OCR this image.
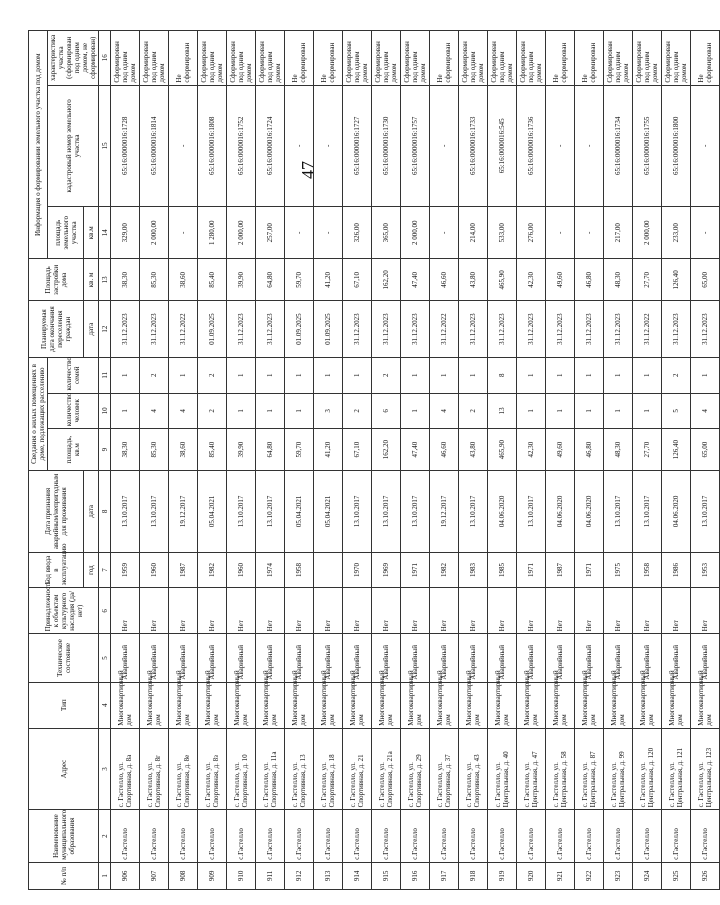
47
№ п/п	Наименование муниципального образования	Адрес	Тип	Техническое состояние	Принадлежность к объектам культурного наследия (да/нет)	Год ввода в эксплуатацию	Дата признания аварийным/непригодным для проживания	Сведания о жилых помещениях в доме, подлежащих расселению			Планируемая дата окончания переселения граждан	Площадь застройки дома	Информация о формировании земельного участка под домом		
								площадь, кв.м	количество человек	количество семей			площадь земельного участка	кадастровый номер земельного участка	характеристика участка (сформирован под одним домом, не сформирован)
						год	дата				дата	кв. м	кв.м		
1	2	3	4	5	6	7	8	9	10	11	12	13	14	15	16
906	с.Гастелло	с. Гастелло, ул. Спортивная, д. 8а	Многоквартирный дом	Аварийный	Нет	1959	13.10.2017	38,30	1	1	31.12.2023	38,30	329,00	65:16:0000016:1728	Сформирован под одним домом
907	с.Гастелло	с. Гастелло, ул. Спортивная, д. 8г	Многоквартирный дом	Аварийный	Нет	1960	13.10.2017	85,30	4	2	31.12.2023	85,30	2 000,00	65:16:0000016:1814	Сформирован под одним домом
908	с.Гастелло	с. Гастелло, ул. Спортивная, д. 8е	Многоквартирный дом	Аварийный	Нет	1987	19.12.2017	38,60	4	1	31.12.2022	38,60	-	-	Не сформирован
909	с.Гастелло	с. Гастелло, ул. Спортивная, д. 8з	Многоквартирный дом	Аварийный	Нет	1982	05.04.2021	85,40	2	2	01.09.2025	85,40	1 280,00	65:16:0000016:1808	Сформирован под одним домом
910	с.Гастелло	с. Гастелло, ул. Спортивная, д. 10	Многоквартирный дом	Аварийный	Нет	1960	13.10.2017	39,90	1	1	31.12.2023	39,90	2 000,00	65:16:0000016:1752	Сформирован под одним домом
911	с.Гастелло	с. Гастелло, ул. Спортивная, д. 11а	Многоквартирный дом	Аварийный	Нет	1974	13.10.2017	64,80	1	1	31.12.2023	64,80	257,00	65:16:0000016:1724	Сформирован под одним домом
912	с.Гастелло	с. Гастелло, ул. Спортивная, д. 13	Многоквартирный дом	Аварийный	Нет	1958	05.04.2021	59,70	1	1	01.09.2025	59,70	-	-	Не сформирован
913	с.Гастелло	с. Гастелло, ул. Спортивная, д. 18	Многоквартирный дом	Аварийный	Нет		05.04.2021	41,20	3	1	01.09.2025	41,20	-	-	Не сформирован
914	с.Гастелло	с. Гастелло, ул. Спортивная, д. 21	Многоквартирный дом	Аварийный	Нет	1970	13.10.2017	67,10	2	1	31.12.2023	67,10	326,00	65:16:0000016:1727	Сформирован под одним домом
915	с.Гастелло	с. Гастелло, ул. Спортивная, д. 21а	Многоквартирный дом	Аварийный	Нет	1969	13.10.2017	162,20	6	2	31.12.2023	162,20	365,00	65:16:0000016:1730	Сформирован под одним домом
916	с.Гастелло	с. Гастелло, ул. Спортивная, д. 29	Многоквартирный дом	Аварийный	Нет	1971	13.10.2017	47,40	1	1	31.12.2023	47,40	2 000,00	65:16:0000016:1757	Сформирован под одним домом
917	с.Гастелло	с. Гастелло, ул. Спортивная, д. 37	Многоквартирный дом	Аварийный	Нет	1982	19.12.2017	46,60	4	1	31.12.2022	46,60	-	-	Не сформирован
918	с.Гастелло	с. Гастелло, ул. Спортивная, д. 43	Многоквартирный дом	Аварийный	Нет	1983	13.10.2017	43,80	2	1	31.12.2023	43,80	214,00	65:16:0000016:1733	Сформирован под одним домом
919	с.Гастелло	с. Гастелло, ул. Центральная, д. 40	Многоквартирный дом	Аварийный	Нет	1985	04.06.2020	465,90	13	8	31.12.2023	465,90	533,00	65:16:0000016:545	Сформирован под одним домом
920	с.Гастелло	с. Гастелло, ул. Центральная, д. 47	Многоквартирный дом	Аварийный	Нет	1971	13.10.2017	42,30	1	1	31.12.2023	42,30	276,00	65:16:0000016:1736	Сформирован под одним домом
921	с.Гастелло	с. Гастелло, ул. Центральная, д. 58	Многоквартирный дом	Аварийный	Нет	1987	04.06.2020	49,60	1	1	31.12.2023	49,60	-	-	Не сформирован
922	с.Гастелло	с. Гастелло, ул. Центральная, д. 87	Многоквартирный дом	Аварийный	Нет	1971	04.06.2020	46,80	1	1	31.12.2023	46,80	-	-	Не сформирован
923	с.Гастелло	с. Гастелло, ул. Центральная, д. 99	Многоквартирный дом	Аварийный	Нет	1975	13.10.2017	48,30	1	1	31.12.2023	48,30	217,00	65:16:0000016:1734	Сформирован под одним домом
924	с.Гастелло	с. Гастелло, ул. Центральная, д. 120	Многоквартирный дом	Аварийный	Нет	1958	13.10.2017	27,70	1	1	31.12.2022	27,70	2 000,00	65:16:0000016:1755	Сформирован под одним домом
925	с.Гастелло	с. Гастелло, ул. Центральная, д. 121	Многоквартирный дом	Аварийный	Нет	1986	04.06.2020	126,40	5	2	31.12.2023	126,40	233,00	65:16:0000016:1800	Сформирован под одним домом
926	с.Гастелло	с. Гастелло, ул. Центральная, д. 123	Многоквартирный дом	Аварийный	Нет	1953	13.10.2017	65,00	4	1	31.12.2023	65,00	-	-	Не сформирован
